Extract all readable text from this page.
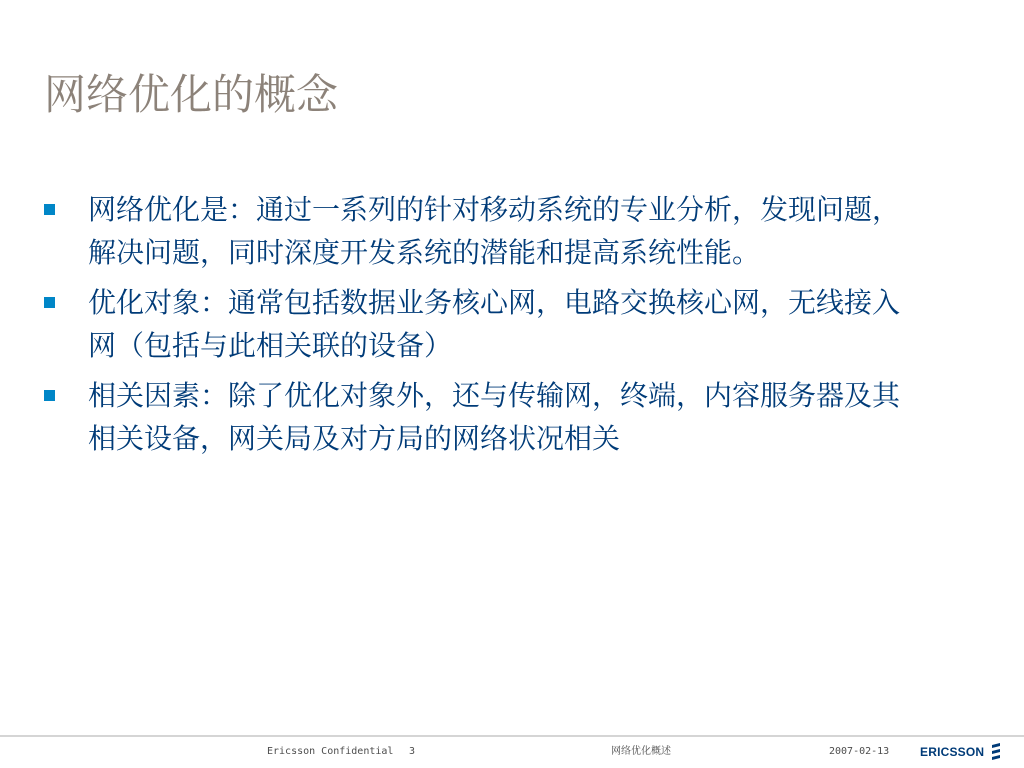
网络优化的概念
网络优化是：通过一系列的针对移动系统的专业分析，发现问题，解决问题，同时深度开发系统的潜能和提高系统性能。
优化对象：通常包括数据业务核心网，电路交换核心网，无线接入网（包括与此相关联的设备）
相关因素：除了优化对象外，还与传输网，终端，内容服务器及其相关设备，网关局及对方局的网络状况相关
Ericsson Confidential 3	网络优化概述	2007-02-13	ERICSSON
